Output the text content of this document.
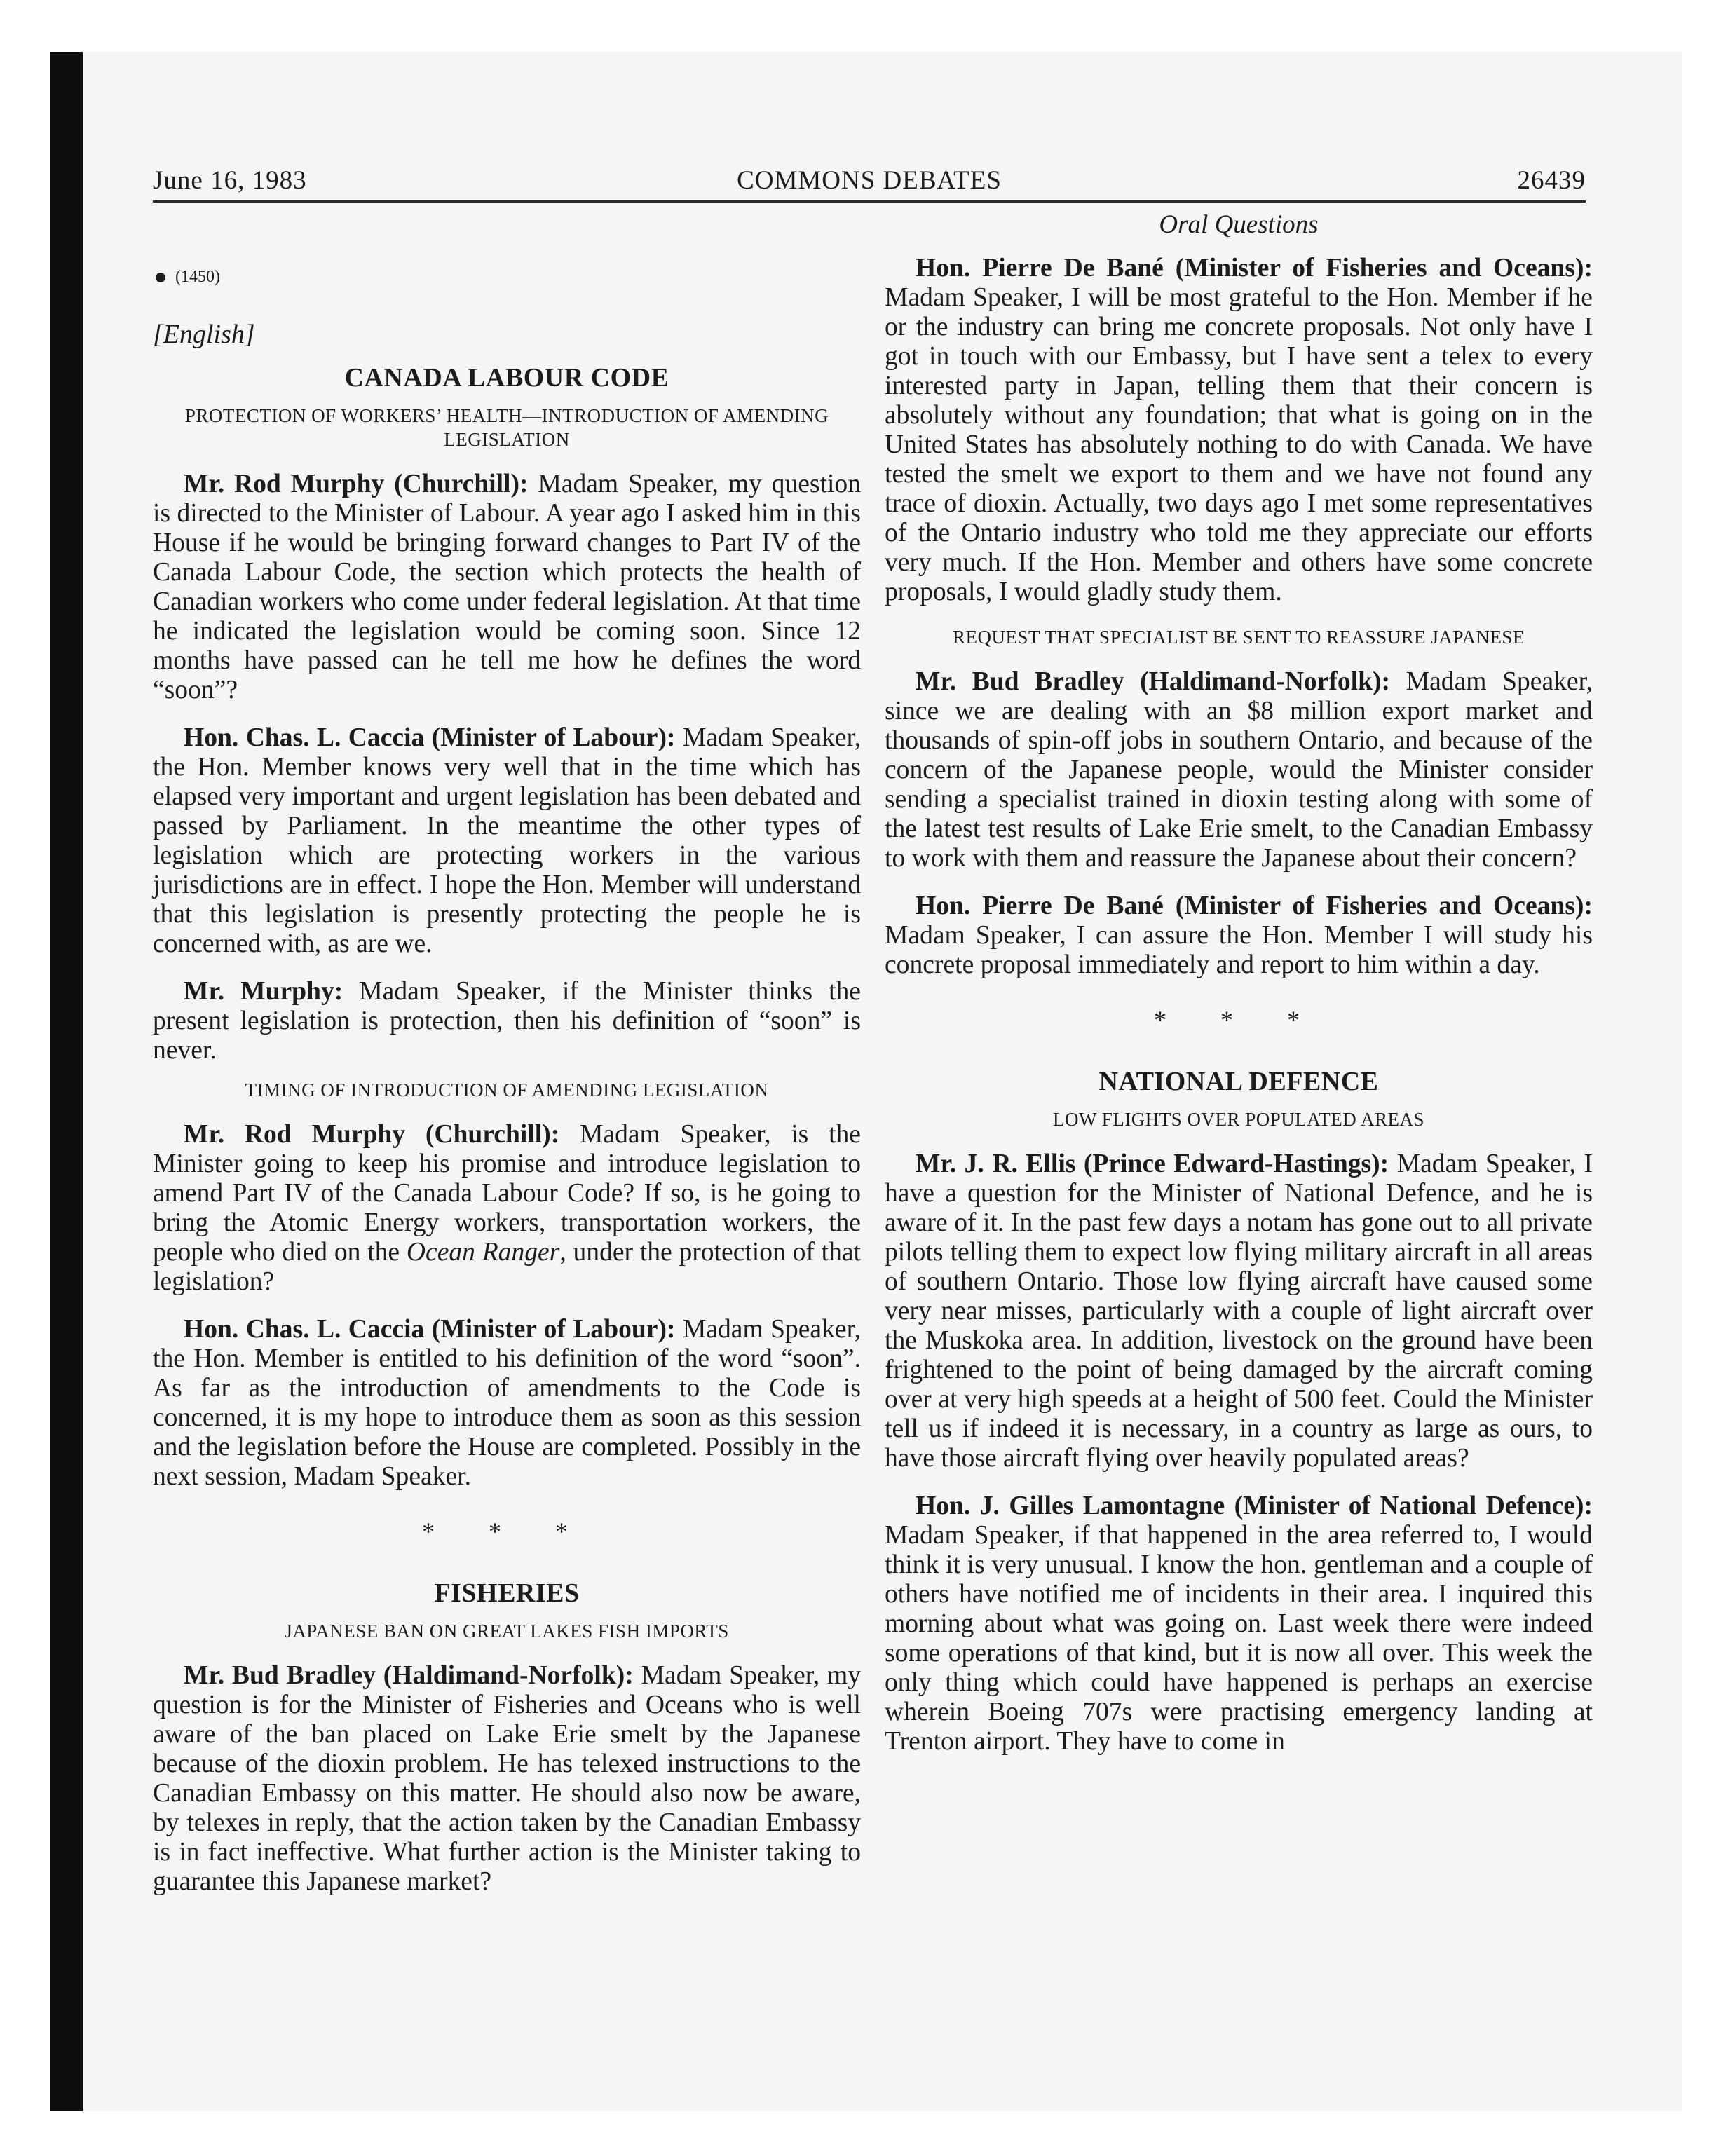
June 16, 1983	COMMONS DEBATES	26439
(1450)
[English]
CANADA LABOUR CODE
PROTECTION OF WORKERS’ HEALTH—INTRODUCTION OF AMENDING LEGISLATION

Mr. Rod Murphy (Churchill): Madam Speaker, my question is directed to the Minister of Labour. A year ago I asked him in this House if he would be bringing forward changes to Part IV of the Canada Labour Code, the section which protects the health of Canadian workers who come under federal legislation. At that time he indicated the legislation would be coming soon. Since 12 months have passed can he tell me how he defines the word “soon”?

Hon. Chas. L. Caccia (Minister of Labour): Madam Speaker, the Hon. Member knows very well that in the time which has elapsed very important and urgent legislation has been debated and passed by Parliament. In the meantime the other types of legislation which are protecting workers in the various jurisdictions are in effect. I hope the Hon. Member will understand that this legislation is presently protecting the people he is concerned with, as are we.

Mr. Murphy: Madam Speaker, if the Minister thinks the present legislation is protection, then his definition of “soon” is never.

TIMING OF INTRODUCTION OF AMENDING LEGISLATION

Mr. Rod Murphy (Churchill): Madam Speaker, is the Minister going to keep his promise and introduce legislation to amend Part IV of the Canada Labour Code? If so, is he going to bring the Atomic Energy workers, transportation workers, the people who died on the Ocean Ranger, under the protection of that legislation?

Hon. Chas. L. Caccia (Minister of Labour): Madam Speaker, the Hon. Member is entitled to his definition of the word “soon”. As far as the introduction of amendments to the Code is concerned, it is my hope to introduce them as soon as this session and the legislation before the House are completed. Possibly in the next session, Madam Speaker.

* * *
FISHERIES
JAPANESE BAN ON GREAT LAKES FISH IMPORTS

Mr. Bud Bradley (Haldimand-Norfolk): Madam Speaker, my question is for the Minister of Fisheries and Oceans who is well aware of the ban placed on Lake Erie smelt by the Japanese because of the dioxin problem. He has telexed instructions to the Canadian Embassy on this matter. He should also now be aware, by telexes in reply, that the action taken by the Canadian Embassy is in fact ineffective. What further action is the Minister taking to guarantee this Japanese market?

Oral Questions

Hon. Pierre De Bané (Minister of Fisheries and Oceans): Madam Speaker, I will be most grateful to the Hon. Member if he or the industry can bring me concrete proposals. Not only have I got in touch with our Embassy, but I have sent a telex to every interested party in Japan, telling them that their concern is absolutely without any foundation; that what is going on in the United States has absolutely nothing to do with Canada. We have tested the smelt we export to them and we have not found any trace of dioxin. Actually, two days ago I met some representatives of the Ontario industry who told me they appreciate our efforts very much. If the Hon. Member and others have some concrete proposals, I would gladly study them.

REQUEST THAT SPECIALIST BE SENT TO REASSURE JAPANESE

Mr. Bud Bradley (Haldimand-Norfolk): Madam Speaker, since we are dealing with an $8 million export market and thousands of spin-off jobs in southern Ontario, and because of the concern of the Japanese people, would the Minister consider sending a specialist trained in dioxin testing along with some of the latest test results of Lake Erie smelt, to the Canadian Embassy to work with them and reassure the Japanese about their concern?

Hon. Pierre De Bané (Minister of Fisheries and Oceans): Madam Speaker, I can assure the Hon. Member I will study his concrete proposal immediately and report to him within a day.

* * *
NATIONAL DEFENCE
LOW FLIGHTS OVER POPULATED AREAS

Mr. J. R. Ellis (Prince Edward-Hastings): Madam Speaker, I have a question for the Minister of National Defence, and he is aware of it. In the past few days a notam has gone out to all private pilots telling them to expect low flying military aircraft in all areas of southern Ontario. Those low flying aircraft have caused some very near misses, particularly with a couple of light aircraft over the Muskoka area. In addition, livestock on the ground have been frightened to the point of being damaged by the aircraft coming over at very high speeds at a height of 500 feet. Could the Minister tell us if indeed it is necessary, in a country as large as ours, to have those aircraft flying over heavily populated areas?

Hon. J. Gilles Lamontagne (Minister of National Defence): Madam Speaker, if that happened in the area referred to, I would think it is very unusual. I know the hon. gentleman and a couple of others have notified me of incidents in their area. I inquired this morning about what was going on. Last week there were indeed some operations of that kind, but it is now all over. This week the only thing which could have happened is perhaps an exercise wherein Boeing 707s were practising emergency landing at Trenton airport. They have to come in
